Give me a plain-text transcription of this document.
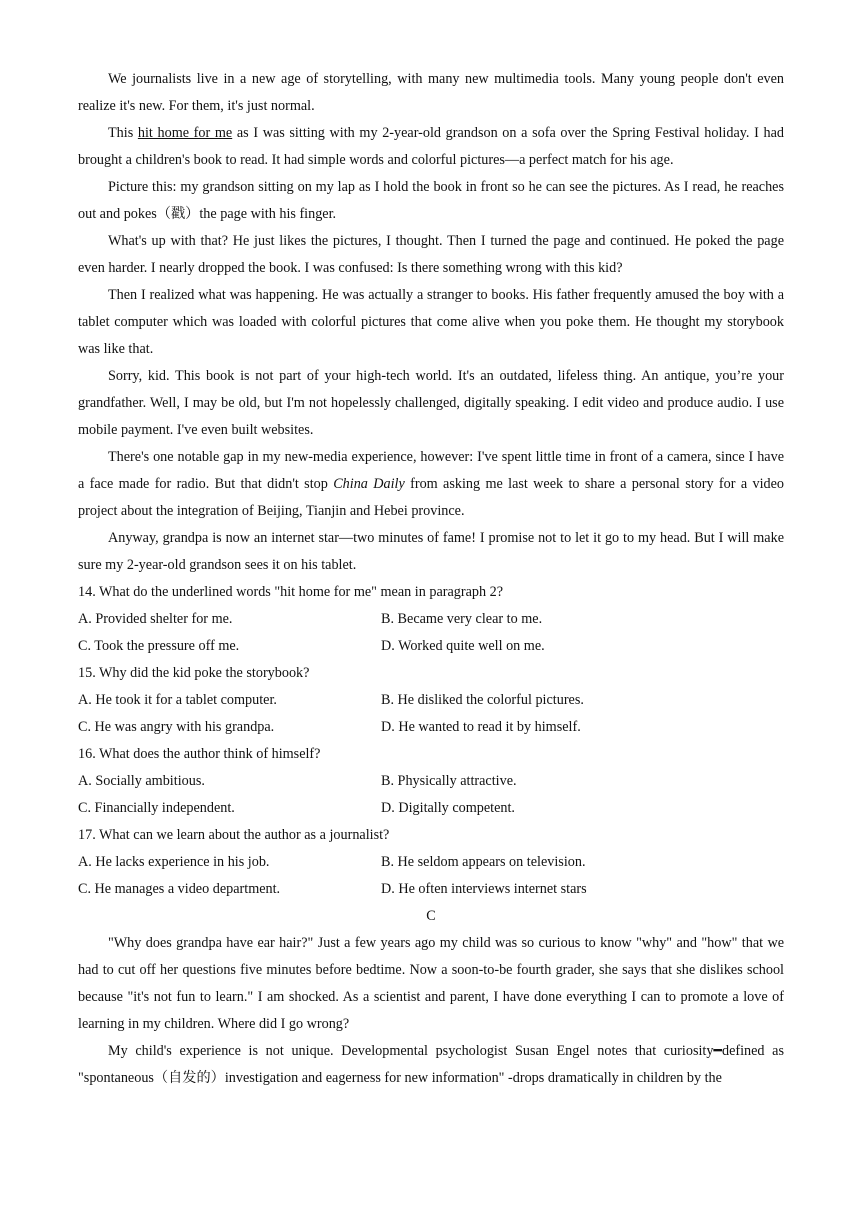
We journalists live in a new age of storytelling, with many new multimedia tools. Many young people don't even realize it's new. For them, it's just normal.

This hit home for me as I was sitting with my 2-year-old grandson on a sofa over the Spring Festival holiday. I had brought a children's book to read. It had simple words and colorful pictures—a perfect match for his age.

Picture this: my grandson sitting on my lap as I hold the book in front so he can see the pictures. As I read, he reaches out and pokes（戳）the page with his finger.

What's up with that? He just likes the pictures, I thought. Then I turned the page and continued. He poked the page even harder. I nearly dropped the book. I was confused: Is there something wrong with this kid?

Then I realized what was happening. He was actually a stranger to books. His father frequently amused the boy with a tablet computer which was loaded with colorful pictures that come alive when you poke them. He thought my storybook was like that.

Sorry, kid. This book is not part of your high-tech world. It's an outdated, lifeless thing. An antique, you’re your grandfather. Well, I may be old, but I'm not hopelessly challenged, digitally speaking. I edit video and produce audio. I use mobile payment. I've even built websites.

There's one notable gap in my new-media experience, however: I've spent little time in front of a camera, since I have a face made for radio. But that didn't stop China Daily from asking me last week to share a personal story for a video project about the integration of Beijing, Tianjin and Hebei province.

Anyway, grandpa is now an internet star—two minutes of fame! I promise not to let it go to my head. But I will make sure my 2-year-old grandson sees it on his tablet.

14. What do the underlined words "hit home for me" mean in paragraph 2?

A. Provided shelter for me.	B. Became very clear to me.
C. Took the pressure off me.	D. Worked quite well on me.

15. Why did the kid poke the storybook?

A. He took it for a tablet computer.	B. He disliked the colorful pictures.
C. He was angry with his grandpa.	D. He wanted to read it by himself.

16. What does the author think of himself?

A. Socially ambitious.	B. Physically attractive.
C. Financially independent.	D. Digitally competent.

17. What can we learn about the author as a journalist?

A. He lacks experience in his job.	B. He seldom appears on television.
C. He manages a video department.	D. He often interviews internet stars

C

"Why does grandpa have ear hair?" Just a few years ago my child was so curious to know "why" and "how" that we had to cut off her questions five minutes before bedtime. Now a soon-to-be fourth grader, she says that she dislikes school because "it's not fun to learn." I am shocked. As a scientist and parent, I have done everything I can to promote a love of learning in my children. Where did I go wrong?

My child's experience is not unique. Developmental psychologist Susan Engel notes that curiosity━defined as "spontaneous（自发的）investigation and eagerness for new information" -drops dramatically in children by the
